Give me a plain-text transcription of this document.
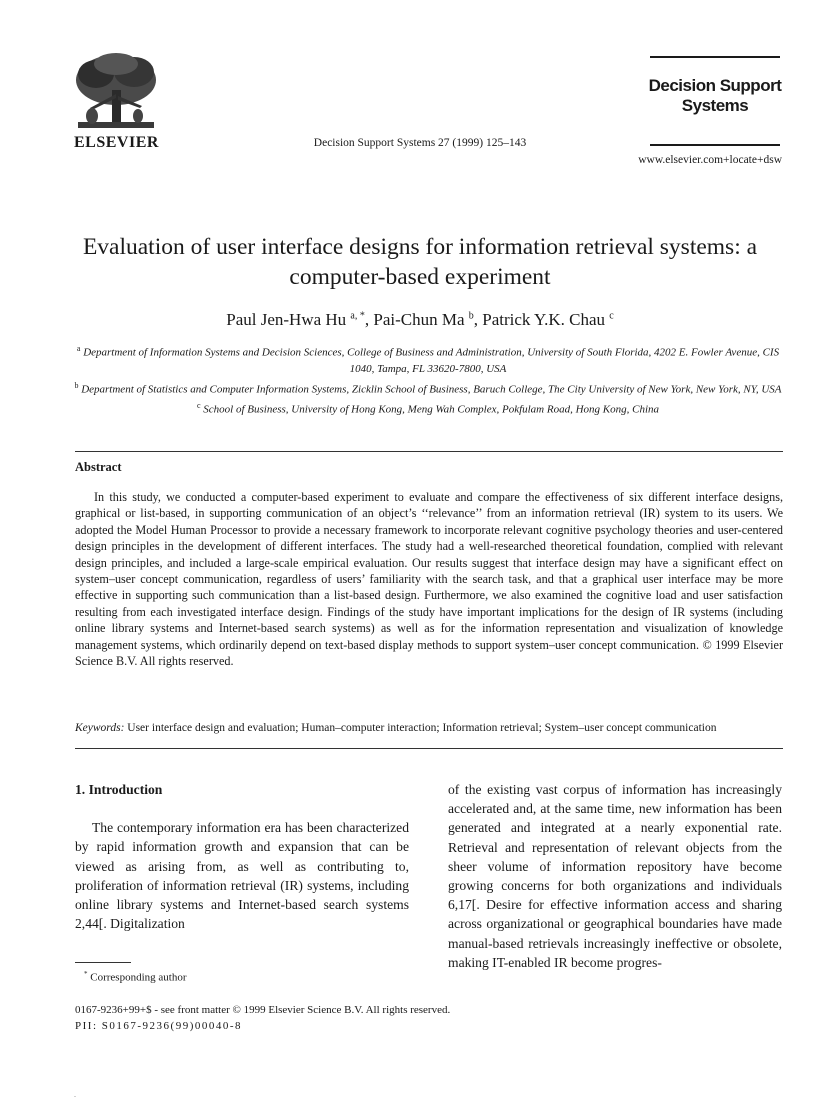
ELSEVIER	Decision Support Systems 27 (1999) 125–143
Decision Support
Systems
www.elsevier.com+locate+dsw
Evaluation of user interface designs for information retrieval systems: a computer-based experiment
Paul Jen-Hwa Hu $^{a, *}$, Pai-Chun Ma $^b$, Patrick Y.K. Chau $^c$

$^a$ Department of Information Systems and Decision Sciences, College of Business and Administration, University of South Florida, 4202 E. Fowler Avenue, CIS 1040, Tampa, FL 33620-7800, USA

$^b$ Department of Statistics and Computer Information Systems, Zicklin School of Business, Baruch College, The City University of New York, New York, NY, USA

$^c$ School of Business, University of Hong Kong, Meng Wah Complex, Pokfulam Road, Hong Kong, China

Abstract
In this study, we conducted a computer-based experiment to evaluate and compare the effectiveness of six different interface designs, graphical or list-based, in supporting communication of an object’s ‘‘relevance’’ from an information retrieval (IR) system to its users. We adopted the Model Human Processor to provide a necessary framework to incorporate relevant cognitive psychology theories and user-centered design principles in the development of different interfaces. The study had a well-researched theoretical foundation, complied with relevant design principles, and included a large-scale empirical evaluation. Our results suggest that interface design may have a significant effect on system–user concept communication, regardless of users’ familiarity with the search task, and that a graphical user interface may be more effective in supporting such communication than a list-based design. Furthermore, we also examined the cognitive load and user satisfaction resulting from each investigated interface design. Findings of the study have important implications for the design of IR systems (including online library systems and Internet-based search systems) as well as for the information representation and visualization of knowledge management systems, which ordinarily depend on text-based display methods to support system–user concept communication. © 1999 Elsevier Science B.V. All rights reserved.
Keywords: User interface design and evaluation; Human–computer interaction; Information retrieval; System–user concept communication

1. Introduction

The contemporary information era has been characterized by rapid information growth and expansion that can be viewed as arising from, as well as contributing to, proliferation of information retrieval (IR) systems, including online library systems and Internet-based search systems 2,44[. Digitalization

of the existing vast corpus of information has increasingly accelerated and, at the same time, new information has been generated and integrated at a nearly exponential rate. Retrieval and representation of relevant objects from the sheer volume of information repository have become growing concerns for both organizations and individuals 6,17[. Desire for effective information access and sharing across organizational or geographical boundaries have made manual-based retrievals increasingly ineffective or obsolete, making IT-enabled IR become progres-

* Corresponding author
0167-9236+99+$ - see front matter © 1999 Elsevier Science B.V. All rights reserved.
PII: S0167-9236(99)00040-8
.
